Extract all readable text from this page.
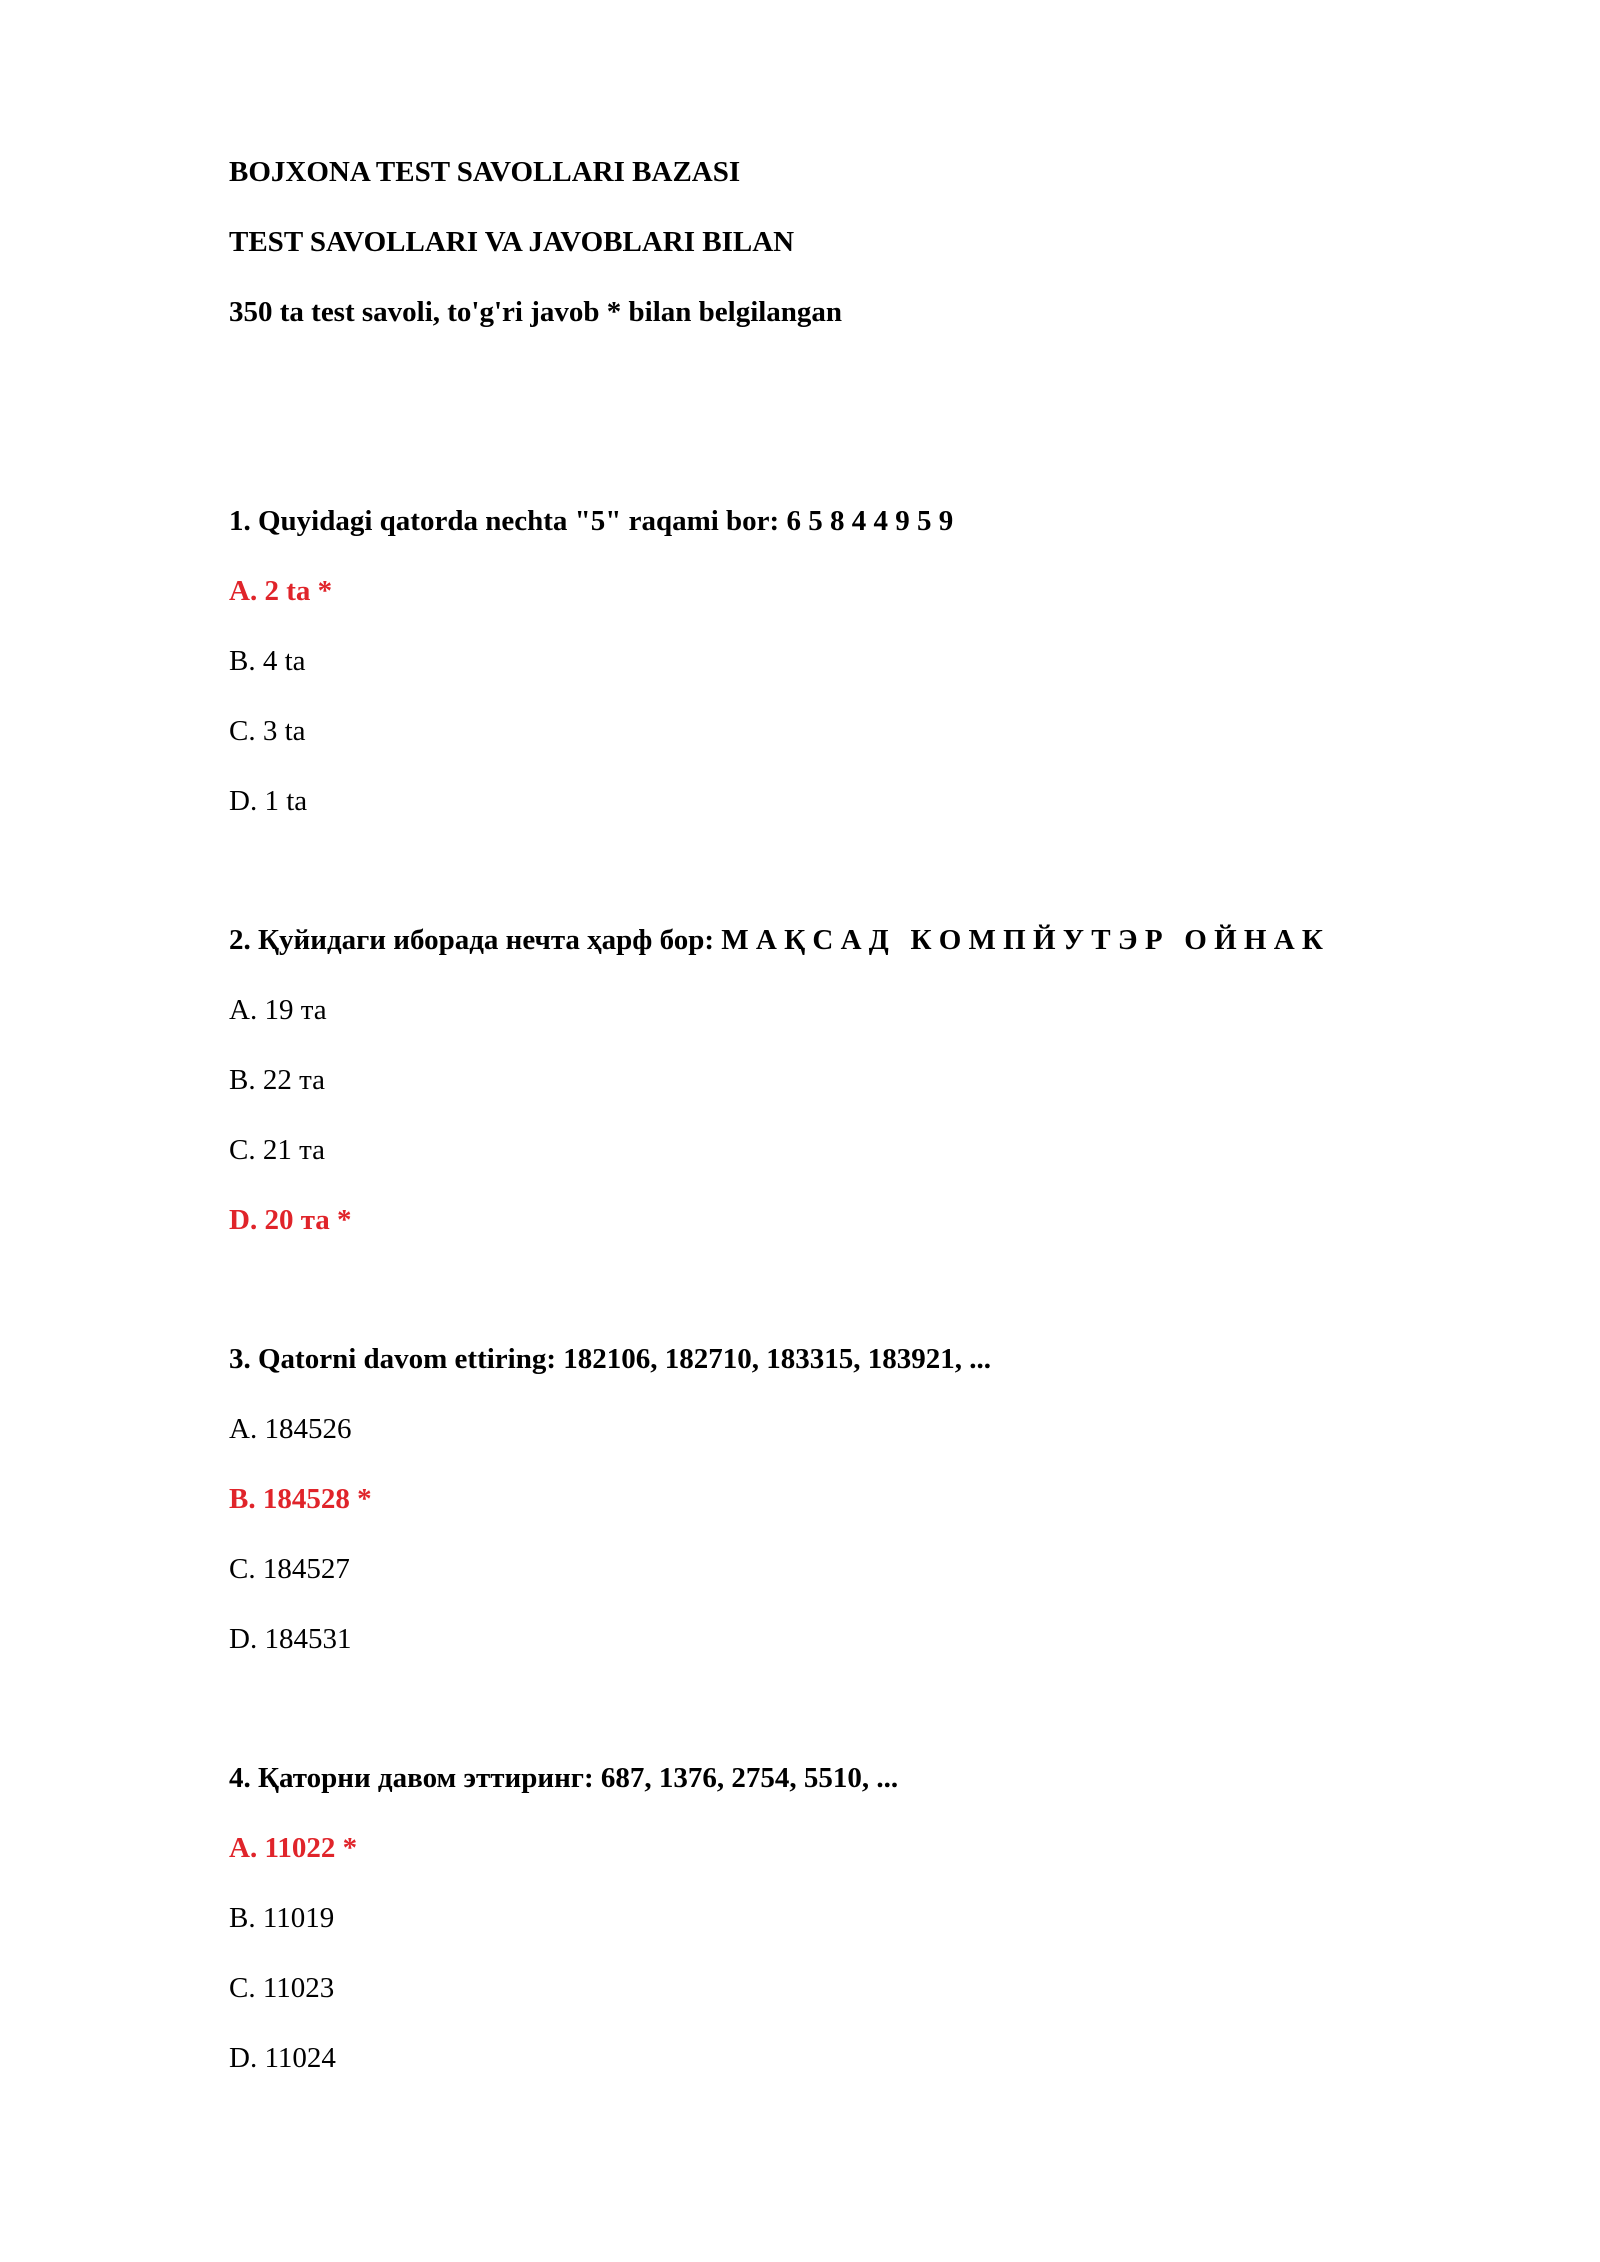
BOJXONA TEST SAVOLLARI BAZASI
TEST SAVOLLARI VA JAVOBLARI BILAN
350 ta test savoli, to'g'ri javob * bilan belgilangan
1. Quyidagi qatorda nechta "5" raqami bor: 6 5 8 4 4 9 5 9
A. 2 ta *
B. 4 ta
C. 3 ta
D. 1 ta
2. Қуйидаги иборада нечта ҳарф бор: М А Қ С А Д   К О М П Й У Т Э Р   О Й Н А К
A. 19 та
B. 22 та
C. 21 та
D. 20 та *
3. Qatorni davom ettiring: 182106, 182710, 183315, 183921, ...
A. 184526
B. 184528 *
C. 184527
D. 184531
4. Қаторни давом эттиринг: 687, 1376, 2754, 5510, ...
A. 11022 *
B. 11019
C. 11023
D. 11024
